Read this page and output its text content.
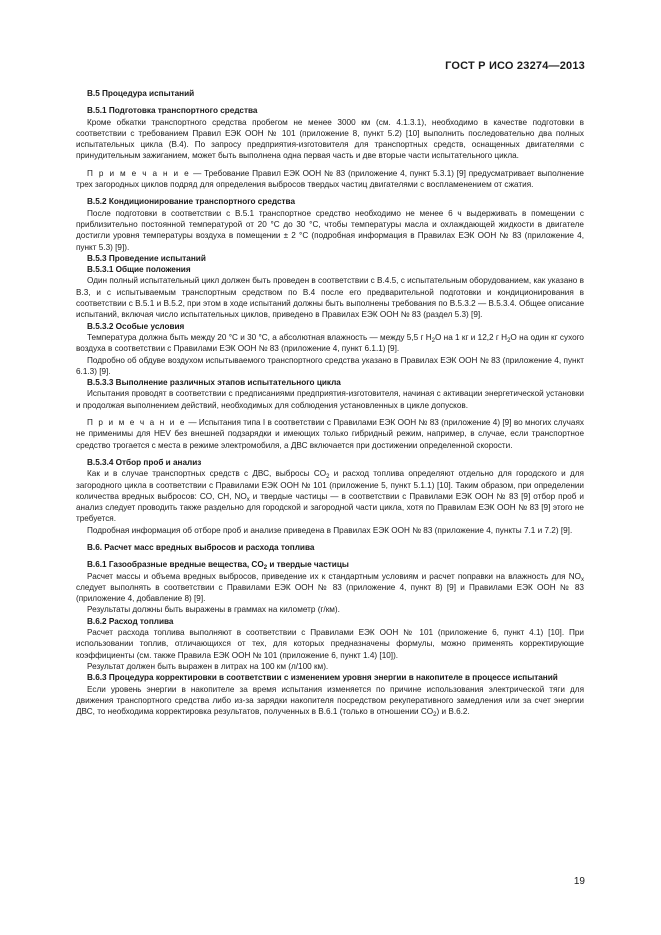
ГОСТ Р ИСО 23274—2013

В.5 Процедура испытаний

В.5.1 Подготовка транспортного средства

Кроме обкатки транспортного средства пробегом не менее 3000 км (см. 4.1.3.1), необходимо в качестве подготовки в соответствии с требованием Правил ЕЭК ООН № 101 (приложение 8, пункт 5.2) [10] выполнить последовательно два полных испытательных цикла (В.4). По запросу предприятия-изготовителя для транспортных средств, оснащенных двигателями с принудительным зажиганием, может быть выполнена одна первая часть и две вторые части испытательного цикла.

П р и м е ч а н и е — Требование Правил ЕЭК ООН № 83 (приложение 4, пункт 5.3.1) [9] предусматривает выполнение трех загородных циклов подряд для определения выбросов твердых частиц двигателями с воспламенением от сжатия.

В.5.2 Кондиционирование транспортного средства

После подготовки в соответствии с В.5.1 транспортное средство необходимо не менее 6 ч выдерживать в помещении с приблизительно постоянной температурой от 20 °С до 30 °С, чтобы температуры масла и охлаждающей жидкости в двигателе достигли уровня температуры воздуха в помещении ± 2 °С (подробная информация в Правилах ЕЭК ООН № 83 (приложение 4, пункт 5.3) [9]).

В.5.3 Проведение испытаний

В.5.3.1 Общие положения

Один полный испытательный цикл должен быть проведен в соответствии с В.4.5, с испытательным оборудованием, как указано в В.3, и с испытываемым транспортным средством по В.4 после его предварительной подготовки и кондиционирования в соответствии с В.5.1 и В.5.2, при этом в ходе испытаний должны быть выполнены требования по В.5.3.2 — В.5.3.4. Общее описание испытаний, включая число испытательных циклов, приведено в Правилах ЕЭК ООН № 83 (раздел 5.3) [9].

В.5.3.2 Особые условия

Температура должна быть между 20 °С и 30 °С, а абсолютная влажность — между 5,5 г $H_2O$ на 1 кг и 12,2 г $H_2O$ на один кг сухого воздуха в соответствии с Правилами ЕЭК ООН № 83 (приложение 4, пункт 6.1.1) [9].

Подробно об обдуве воздухом испытываемого транспортного средства указано в Правилах ЕЭК ООН № 83 (приложение 4, пункт 6.1.3) [9].

В.5.3.3 Выполнение различных этапов испытательного цикла

Испытания проводят в соответствии с предписаниями предприятия-изготовителя, начиная с активации энергетической установки и продолжая выполнением действий, необходимых для соблюдения установленных в цикле допусков.

П р и м е ч а н и е — Испытания типа I в соответствии с Правилами ЕЭК ООН № 83 (приложение 4) [9] во многих случаях не применимы для HEV без внешней подзарядки и имеющих только гибридный режим, например, в случае, если транспортное средство трогается с места в режиме электромобиля, а ДВС включается при достижении определенной скорости.

В.5.3.4 Отбор проб и анализ

Как и в случае транспортных средств с ДВС, выбросы $CO_2$ и расход топлива определяют отдельно для городского и для загородного цикла в соответствии с Правилами ЕЭК ООН № 101 (приложение 5, пункт 5.1.1) [10]. Таким образом, при определении количества вредных выбросов: CO, CH, $NO_x$ и твердые частицы — в соответствии с Правилами ЕЭК ООН № 83 [9] отбор проб и анализ следует проводить также раздельно для городской и загородной части цикла, хотя по Правилам ЕЭК ООН № 83 [9] этого не требуется.

Подробная информация об отборе проб и анализе приведена в Правилах ЕЭК ООН № 83 (приложение 4, пункты 7.1 и 7.2) [9].

В.6. Расчет масс вредных выбросов и расхода топлива

В.6.1 Газообразные вредные вещества, $CO_2$ и твердые частицы

Расчет массы и объема вредных выбросов, приведение их к стандартным условиям и расчет поправки на влажность для $NO_x$ следует выполнять в соответствии с Правилами ЕЭК ООН № 83 (приложение 4, пункт 8) [9] и Правилами ЕЭК ООН № 83 (приложение 4, добавление 8) [9].

Результаты должны быть выражены в граммах на километр (г/км).

В.6.2 Расход топлива

Расчет расхода топлива выполняют в соответствии с Правилами ЕЭК ООН № 101 (приложение 6, пункт 4.1) [10]. При использовании топлив, отличающихся от тех, для которых предназначены формулы, можно применять корректирующие коэффициенты (см. также Правила ЕЭК ООН № 101 (приложение 6, пункт 1.4) [10]).

Результат должен быть выражен в литрах на 100 км (л/100 км).

В.6.3 Процедура корректировки в соответствии с изменением уровня энергии в накопителе в процессе испытаний

Если уровень энергии в накопителе за время испытания изменяется по причине использования электрической тяги для движения транспортного средства либо из-за зарядки накопителя посредством рекуперативного замедления или за счет энергии ДВС, то необходима корректировка результатов, полученных в В.6.1 (только в отношении $CO_2$) и В.6.2.

19
